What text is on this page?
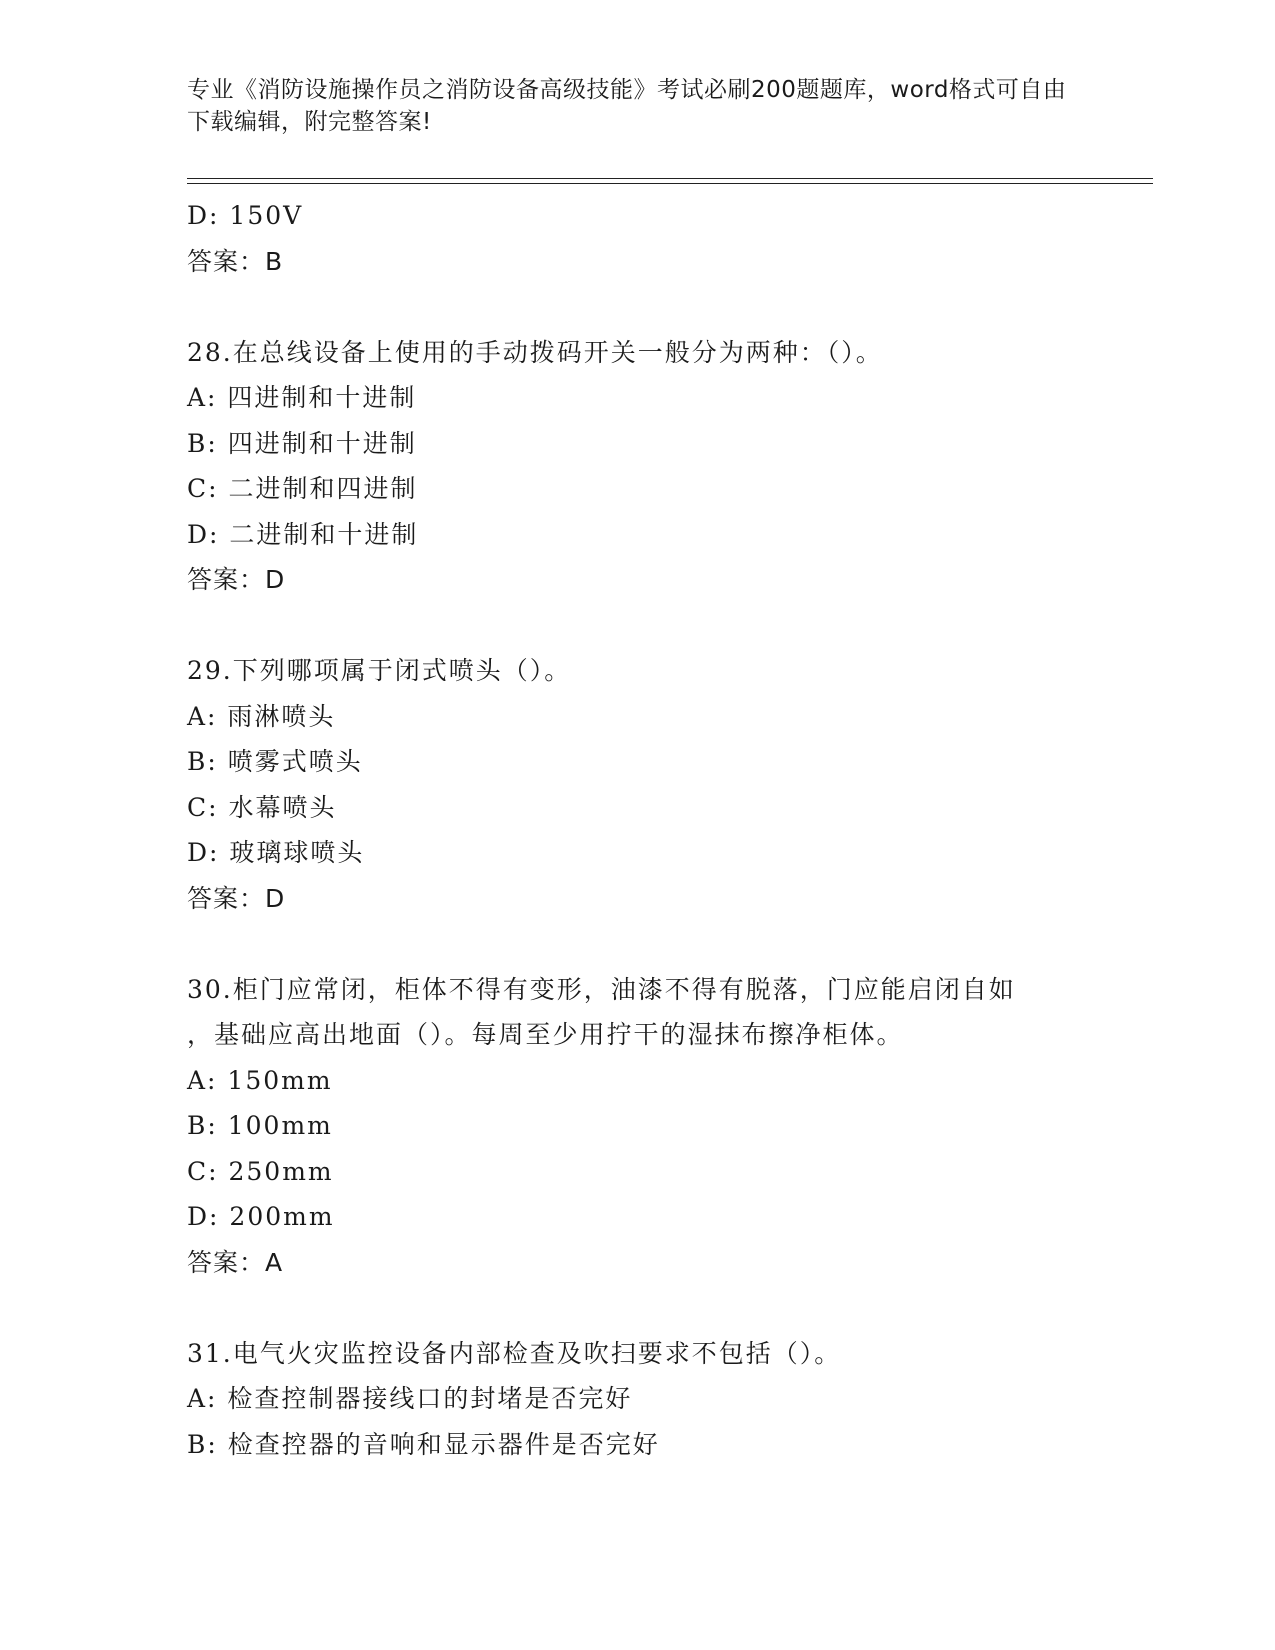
专业《消防设施操作员之消防设备高级技能》考试必刷200题题库，word格式可自由下载编辑，附完整答案!
D: 150V
答案：B
28.在总线设备上使用的手动拨码开关一般分为两种：（）。
A: 四进制和十进制
B: 四进制和十进制
C: 二进制和四进制
D: 二进制和十进制
答案：D
29.下列哪项属于闭式喷头（）。
A: 雨淋喷头
B: 喷雾式喷头
C: 水幕喷头
D: 玻璃球喷头
答案：D
30.柜门应常闭，柜体不得有变形，油漆不得有脱落，门应能启闭自如
，基础应高出地面（）。每周至少用拧干的湿抹布擦净柜体。
A: 150mm
B: 100mm
C: 250mm
D: 200mm
答案：A
31.电气火灾监控设备内部检查及吹扫要求不包括（）。
A: 检查控制器接线口的封堵是否完好
B: 检查控器的音响和显示器件是否完好
